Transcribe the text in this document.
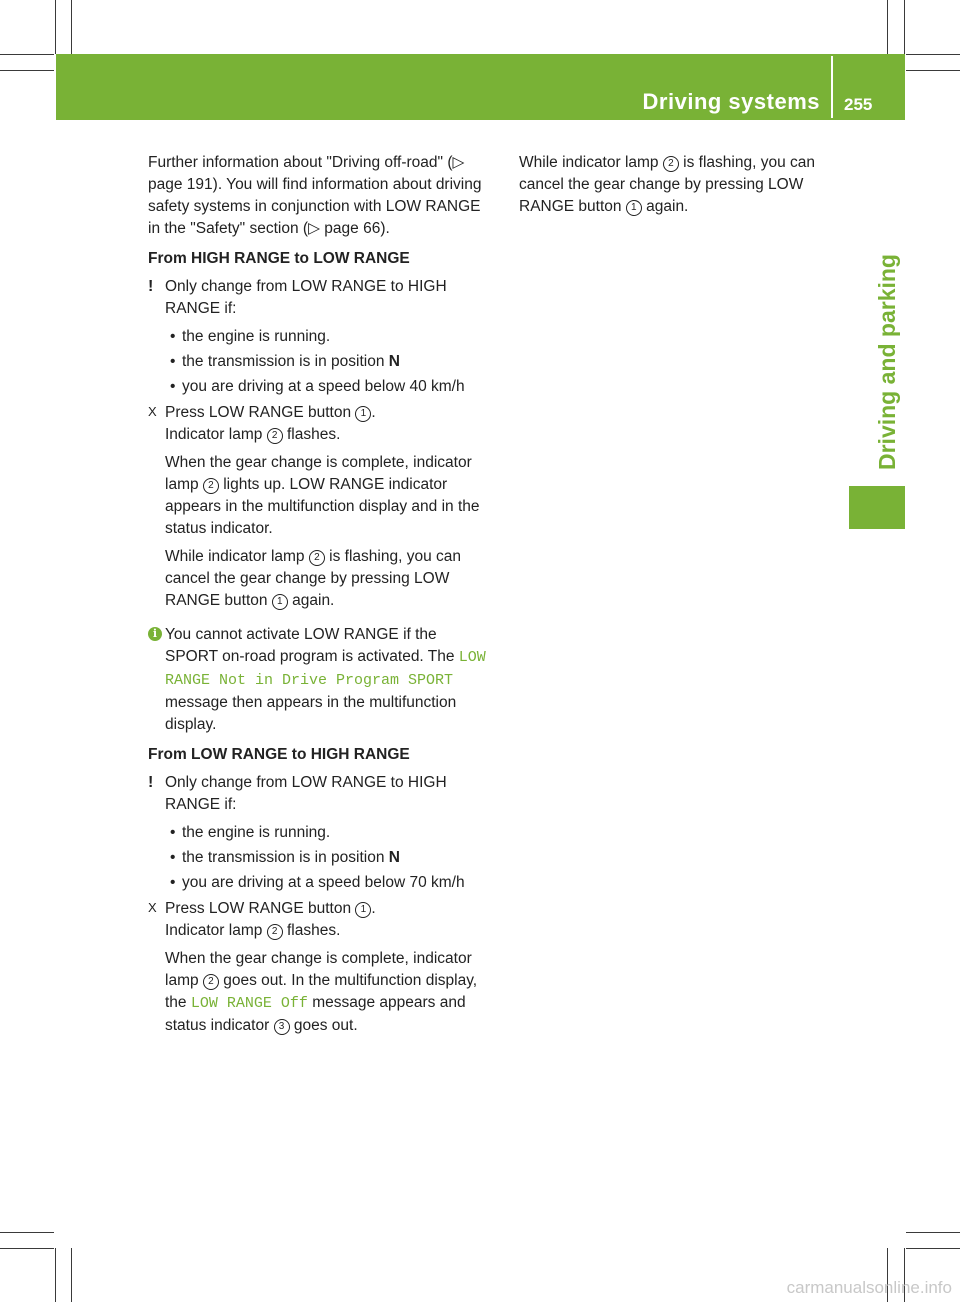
Driving systems 255
Driving and parking

Further information about "Driving off-road" (▷ page 191). You will find information about driving safety systems in conjunction with LOW RANGE in the "Safety" section (▷ page 66).

From HIGH RANGE to LOW RANGE

! Only change from LOW RANGE to HIGH RANGE if:

• the engine is running.
• the transmission is in position N
• you are driving at a speed below 40 km/h

X Press LOW RANGE button 1 .
Indicator lamp 2 flashes.

When the gear change is complete, indicator lamp 2 lights up. LOW RANGE indicator appears in the multifunction display and in the status indicator.

While indicator lamp 2 is flashing, you can cancel the gear change by pressing LOW RANGE button 1 again.

i You cannot activate LOW RANGE if the SPORT on-road program is activated. The LOW RANGE Not in Drive Program SPORT message then appears in the multifunction display.

From LOW RANGE to HIGH RANGE

! Only change from LOW RANGE to HIGH RANGE if:

• the engine is running.
• the transmission is in position N
• you are driving at a speed below 70 km/h

X Press LOW RANGE button 1 .
Indicator lamp 2 flashes.

When the gear change is complete, indicator lamp 2 goes out. In the multifunction display, the LOW RANGE Off message appears and status indicator 3 goes out.

While indicator lamp 2 is flashing, you can cancel the gear change by pressing LOW RANGE button 1 again.

carmanualsonline.info
